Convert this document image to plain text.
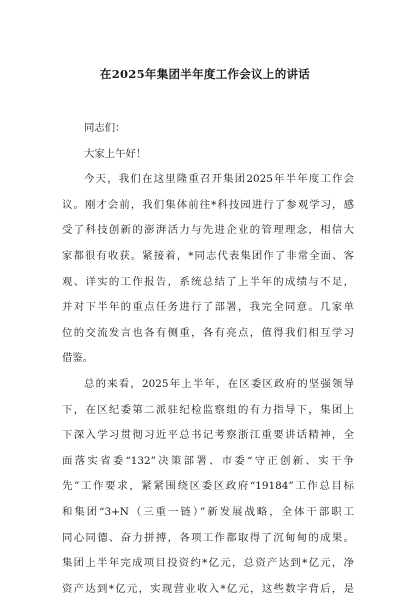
在2025年集团半年度工作会议上的讲话
同志们：
大家上午好！
今天，我们在这里隆重召开集团2025年半年度工作会
议。刚才会前，我们集体前往*科技园进行了参观学习，感
受了科技创新的澎湃活力与先进企业的管理理念，相信大
家都很有收获。紧接着，*同志代表集团作了非常全面、客
观、详实的工作报告，系统总结了上半年的成绩与不足，
并对下半年的重点任务进行了部署，我完全同意。几家单
位的交流发言也各有侧重，各有亮点，值得我们相互学习
借鉴。
总的来看，2025年上半年，在区委区政府的坚强领导
下，在区纪委第二派驻纪检监察组的有力指导下，集团上
下深入学习贯彻习近平总书记考察浙江重要讲话精神，全
面落实省委“132”决策部署、市委“守正创新、实干争
先”工作要求，紧紧围绕区委区政府“19184”工作总目标
和集团“3+N（三重一链）”新发展战略，全体干部职工
同心同德、奋力拼搏，各项工作都取得了沉甸甸的成果。
集团上半年完成项目投资约*亿元，总资产达到*亿元，净
资产达到*亿元，实现营业收入*亿元，这些数字背后，是
